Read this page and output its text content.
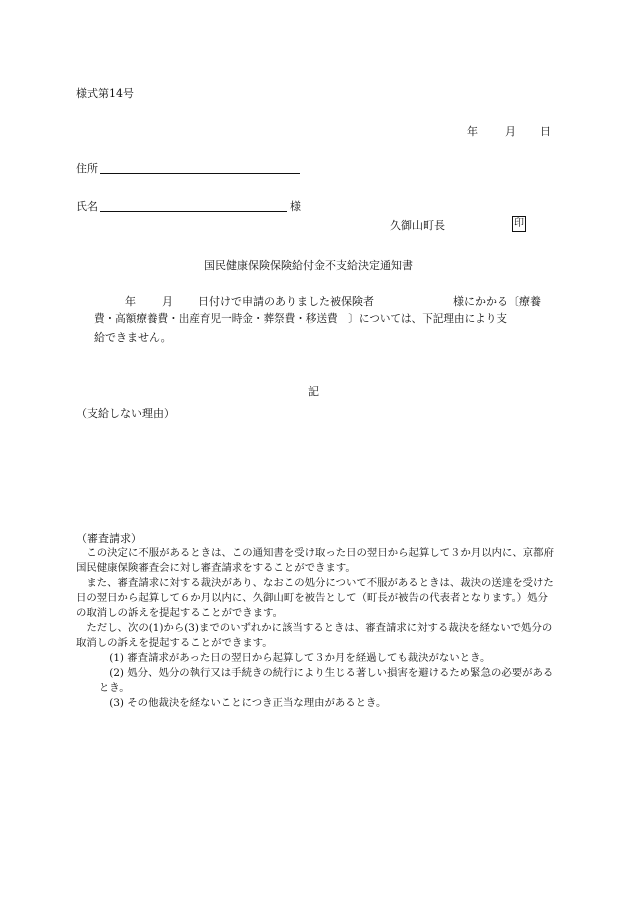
様式第14号
年 月 日
住所
氏名	様
久御山町長	印
国民健康保険保険給付金不支給決定通知書
年 月 日付けで申請のありました被保険者	様にかかる〔療養
費・高額療養費・出産育児一時金・葬祭費・移送費　〕については、下記理由により支
給できません。
記
（支給しない理由）
（審査請求）

この決定に不服があるときは、この通知書を受け取った日の翌日から起算して３か月以内に、京都府国民健康保険審査会に対し審査請求をすることができます。

また、審査請求に対する裁決があり、なおこの処分について不服があるときは、裁決の送達を受けた日の翌日から起算して６か月以内に、久御山町を被告として（町長が被告の代表者となります。）処分の取消しの訴えを提起することができます。

ただし、次の(1)から(3)までのいずれかに該当するときは、審査請求に対する裁決を経ないで処分の取消しの訴えを提起することができます。

(1) 審査請求があった日の翌日から起算して３か月を経過しても裁決がないとき。

(2) 処分、処分の執行又は手続きの続行により生じる著しい損害を避けるため緊急の必要があるとき。

(3) その他裁決を経ないことにつき正当な理由があるとき。
